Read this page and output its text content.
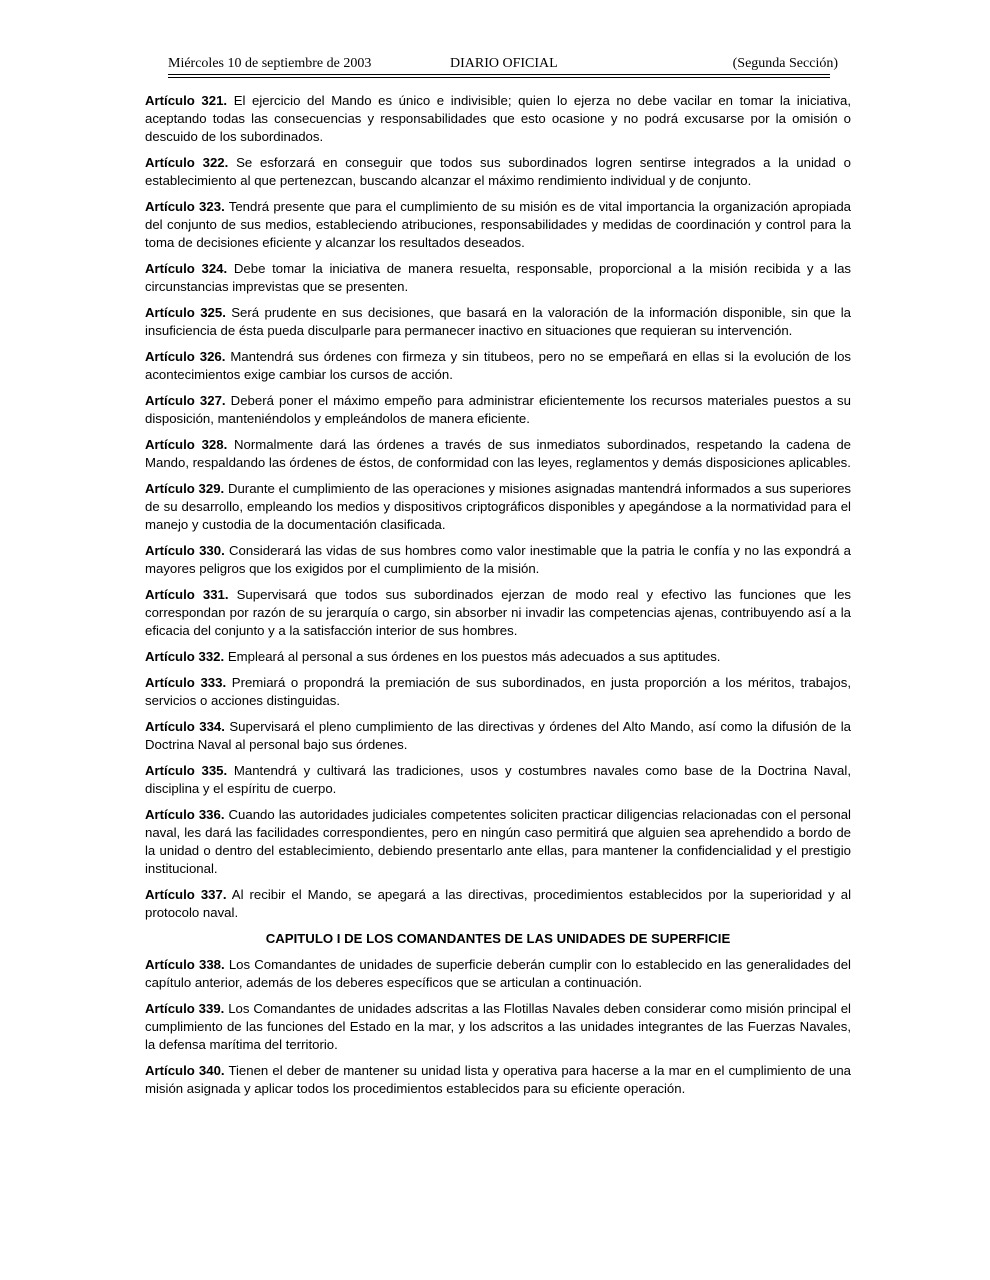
Miércoles 10 de septiembre de 2003	DIARIO OFICIAL	(Segunda Sección)

Artículo 321. El ejercicio del Mando es único e indivisible; quien lo ejerza no debe vacilar en tomar la iniciativa, aceptando todas las consecuencias y responsabilidades que esto ocasione y no podrá excusarse por la omisión o descuido de los subordinados.

Artículo 322. Se esforzará en conseguir que todos sus subordinados logren sentirse integrados a la unidad o establecimiento al que pertenezcan, buscando alcanzar el máximo rendimiento individual y de conjunto.

Artículo 323. Tendrá presente que para el cumplimiento de su misión es de vital importancia la organización apropiada del conjunto de sus medios, estableciendo atribuciones, responsabilidades y medidas de coordinación y control para la toma de decisiones eficiente y alcanzar los resultados deseados.

Artículo 324. Debe tomar la iniciativa de manera resuelta, responsable, proporcional a la misión recibida y a las circunstancias imprevistas que se presenten.

Artículo 325. Será prudente en sus decisiones, que basará en la valoración de la información disponible, sin que la insuficiencia de ésta pueda disculparle para permanecer inactivo en situaciones que requieran su intervención.

Artículo 326. Mantendrá sus órdenes con firmeza y sin titubeos, pero no se empeñará en ellas si la evolución de los acontecimientos exige cambiar los cursos de acción.

Artículo 327. Deberá poner el máximo empeño para administrar eficientemente los recursos materiales puestos a su disposición, manteniéndolos y empleándolos de manera eficiente.

Artículo 328. Normalmente dará las órdenes a través de sus inmediatos subordinados, respetando la cadena de Mando, respaldando las órdenes de éstos, de conformidad con las leyes, reglamentos y demás disposiciones aplicables.

Artículo 329. Durante el cumplimiento de las operaciones y misiones asignadas mantendrá informados a sus superiores de su desarrollo, empleando los medios y dispositivos criptográficos disponibles y apegándose a la normatividad para el manejo y custodia de la documentación clasificada.

Artículo 330. Considerará las vidas de sus hombres como valor inestimable que la patria le confía y no las expondrá a mayores peligros que los exigidos por el cumplimiento de la misión.

Artículo 331. Supervisará que todos sus subordinados ejerzan de modo real y efectivo las funciones que les correspondan por razón de su jerarquía o cargo, sin absorber ni invadir las competencias ajenas, contribuyendo así a la eficacia del conjunto y a la satisfacción interior de sus hombres.

Artículo 332. Empleará al personal a sus órdenes en los puestos más adecuados a sus aptitudes.

Artículo 333. Premiará o propondrá la premiación de sus subordinados, en justa proporción a los méritos, trabajos, servicios o acciones distinguidas.

Artículo 334. Supervisará el pleno cumplimiento de las directivas y órdenes del Alto Mando, así como la difusión de la Doctrina Naval al personal bajo sus órdenes.

Artículo 335. Mantendrá y cultivará las tradiciones, usos y costumbres navales como base de la Doctrina Naval, disciplina y el espíritu de cuerpo.

Artículo 336. Cuando las autoridades judiciales competentes soliciten practicar diligencias relacionadas con el personal naval, les dará las facilidades correspondientes, pero en ningún caso permitirá que alguien sea aprehendido a bordo de la unidad o dentro del establecimiento, debiendo presentarlo ante ellas, para mantener la confidencialidad y el prestigio institucional.

Artículo 337. Al recibir el Mando, se apegará a las directivas, procedimientos establecidos por la superioridad y al protocolo naval.

CAPITULO I DE LOS COMANDANTES DE LAS UNIDADES DE SUPERFICIE

Artículo 338. Los Comandantes de unidades de superficie deberán cumplir con lo establecido en las generalidades del capítulo anterior, además de los deberes específicos que se articulan a continuación.

Artículo 339. Los Comandantes de unidades adscritas a las Flotillas Navales deben considerar como misión principal el cumplimiento de las funciones del Estado en la mar, y los adscritos a las unidades integrantes de las Fuerzas Navales, la defensa marítima del territorio.

Artículo 340. Tienen el deber de mantener su unidad lista y operativa para hacerse a la mar en el cumplimiento de una misión asignada y aplicar todos los procedimientos establecidos para su eficiente operación.
